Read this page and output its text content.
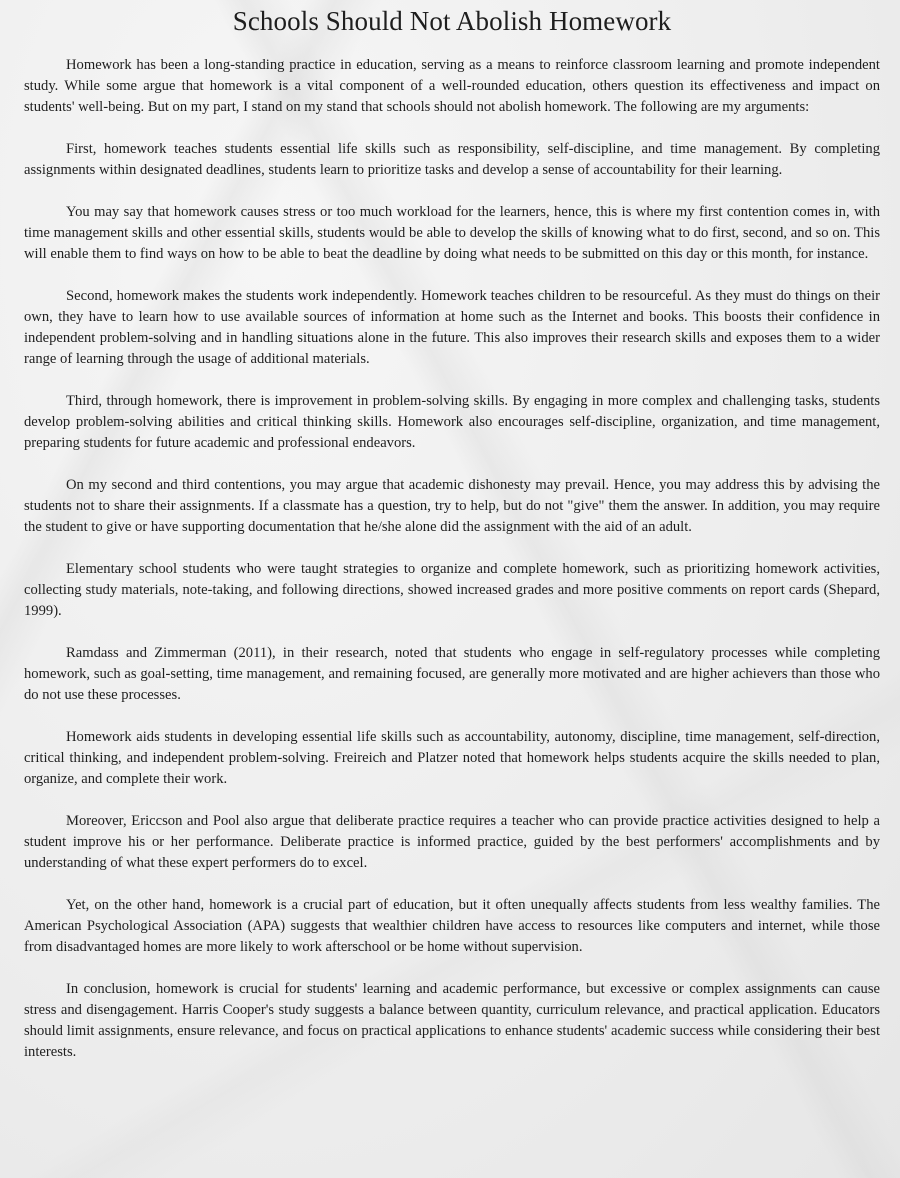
Schools Should Not Abolish Homework

Homework has been a long-standing practice in education, serving as a means to reinforce classroom learning and promote independent study. While some argue that homework is a vital component of a well-rounded education, others question its effectiveness and impact on students' well-being. But on my part, I stand on my stand that schools should not abolish homework. The following are my arguments:

First, homework teaches students essential life skills such as responsibility, self-discipline, and time management. By completing assignments within designated deadlines, students learn to prioritize tasks and develop a sense of accountability for their learning.

You may say that homework causes stress or too much workload for the learners, hence, this is where my first contention comes in, with time management skills and other essential skills, students would be able to develop the skills of knowing what to do first, second, and so on. This will enable them to find ways on how to be able to beat the deadline by doing what needs to be submitted on this day or this month, for instance.

Second, homework makes the students work independently. Homework teaches children to be resourceful. As they must do things on their own, they have to learn how to use available sources of information at home such as the Internet and books. This boosts their confidence in independent problem-solving and in handling situations alone in the future. This also improves their research skills and exposes them to a wider range of learning through the usage of additional materials.

Third, through homework, there is improvement in problem-solving skills. By engaging in more complex and challenging tasks, students develop problem-solving abilities and critical thinking skills. Homework also encourages self-discipline, organization, and time management, preparing students for future academic and professional endeavors.

On my second and third contentions, you may argue that academic dishonesty may prevail. Hence, you may address this by advising the students not to share their assignments. If a classmate has a question, try to help, but do not "give" them the answer. In addition, you may require the student to give or have supporting documentation that he/she alone did the assignment with the aid of an adult.

Elementary school students who were taught strategies to organize and complete homework, such as prioritizing homework activities, collecting study materials, note-taking, and following directions, showed increased grades and more positive comments on report cards (Shepard, 1999).

Ramdass and Zimmerman (2011), in their research, noted that students who engage in self-regulatory processes while completing homework, such as goal-setting, time management, and remaining focused, are generally more motivated and are higher achievers than those who do not use these processes.

Homework aids students in developing essential life skills such as accountability, autonomy, discipline, time management, self-direction, critical thinking, and independent problem-solving. Freireich and Platzer noted that homework helps students acquire the skills needed to plan, organize, and complete their work.

Moreover, Ericcson and Pool also argue that deliberate practice requires a teacher who can provide practice activities designed to help a student improve his or her performance. Deliberate practice is informed practice, guided by the best performers' accomplishments and by understanding of what these expert performers do to excel.

Yet, on the other hand, homework is a crucial part of education, but it often unequally affects students from less wealthy families. The American Psychological Association (APA) suggests that wealthier children have access to resources like computers and internet, while those from disadvantaged homes are more likely to work afterschool or be home without supervision.

In conclusion, homework is crucial for students' learning and academic performance, but excessive or complex assignments can cause stress and disengagement. Harris Cooper's study suggests a balance between quantity, curriculum relevance, and practical application. Educators should limit assignments, ensure relevance, and focus on practical applications to enhance students' academic success while considering their best interests.
